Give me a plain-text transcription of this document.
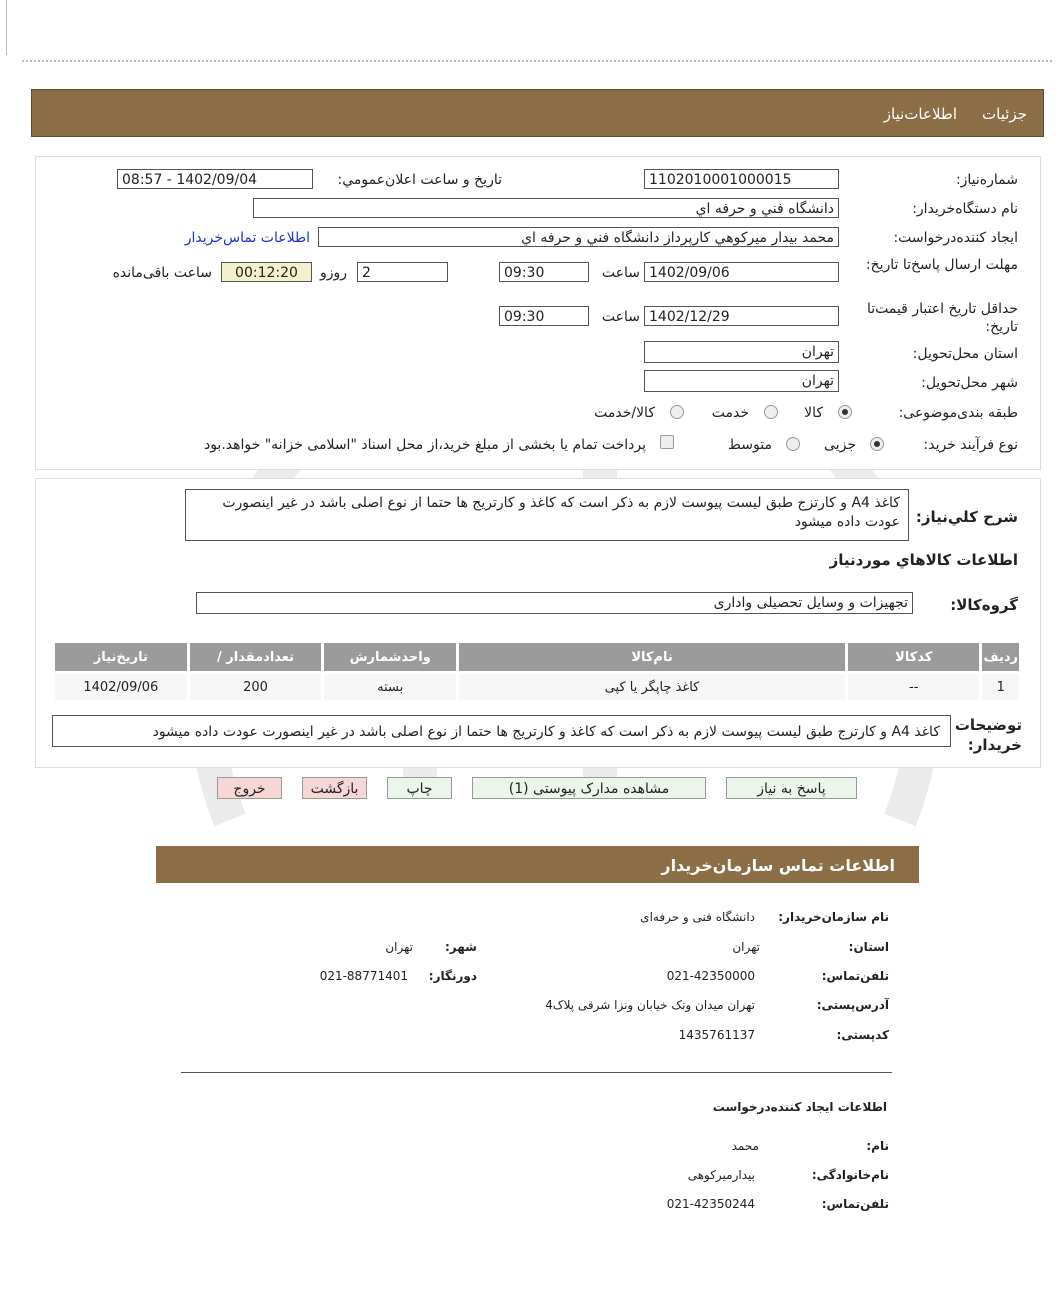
جزئیات
اطلاعات‌نیاز
شماره‌نیاز:
1102010001000015
تاریخ و ساعت اعلان‌عمومي:
1402/09/04 - 08:57
نام دستگاه‌خريدار:
دانشگاه فني و حرفه اي
ایجاد کننده‌درخواست:
محمد بيدار ميركوهي کارپرداز دانشگاه فني و حرفه اي
اطلاعات تماس‌خریدار
مهلت ارسال پاسخ‌تا تاریخ:
1402/09/06
ساعت
09:30
2
روزو
00:12:20
ساعت باقی‌مانده
حداقل تاریخ اعتبار قیمت‌تا تاریخ:
1402/12/29
ساعت
09:30
استان محل‌تحویل:
تهران
شهر محل‌تحویل:
تهران
طبقه بندی‌موضوعی:
کالا
خدمت
کالا/خدمت
نوع فرآیند خرید:
جزیی
متوسط
پرداخت تمام یا بخشی از مبلغ خرید،از محل اسناد "اسلامی خزانه" خواهد.بود
شرح کلي‌نیاز:
کاغذ A4 و کارتزج طبق لیست پیوست لازم به ذکر است که کاغذ و کارتریج ها حتما از نوع اصلی باشد در غیر اینصورت عودت داده میشود
اطلاعات کالاهاي موردنياز
گروه‌کالا:
تجهیزات و وسایل تحصیلی واداری
رديف	كدكالا	نام‌كالا	واحدشمارش	تعدادمقدار /	تاريخ‌نياز
1	--	کاغذ چاپگر یا کپی	بسته	200	1402/09/06
توضیحات خریدار:
کاغذ A4 و کارترج طبق لیست پیوست لازم به ذکر است که کاغذ و کارتریج ها حتما از نوع اصلی باشد در غیر اینصورت عودت داده میشود
پاسخ به نیاز
مشاهده مدارک پیوستی (1)
چاپ
بازگشت
خروج
اطلاعات تماس سازمان‌خریدار
نام سازمان‌خریدار:
دانشگاه فنی و حرفه‌ای
استان:
تهران
شهر:
تهران
تلفن‌تماس:
021-42350000
دورنگار:
021-88771401
آدرس‌پستی:
تهران میدان ونک خیابان ونزا شرقی پلاک4
کد‌پستی:
1435761137
اطلاعات ایجاد کننده‌درخواست
نام:
محمد
نام‌خانوادگی:
بیدارمیرکوهی
تلفن‌تماس:
021-42350244
